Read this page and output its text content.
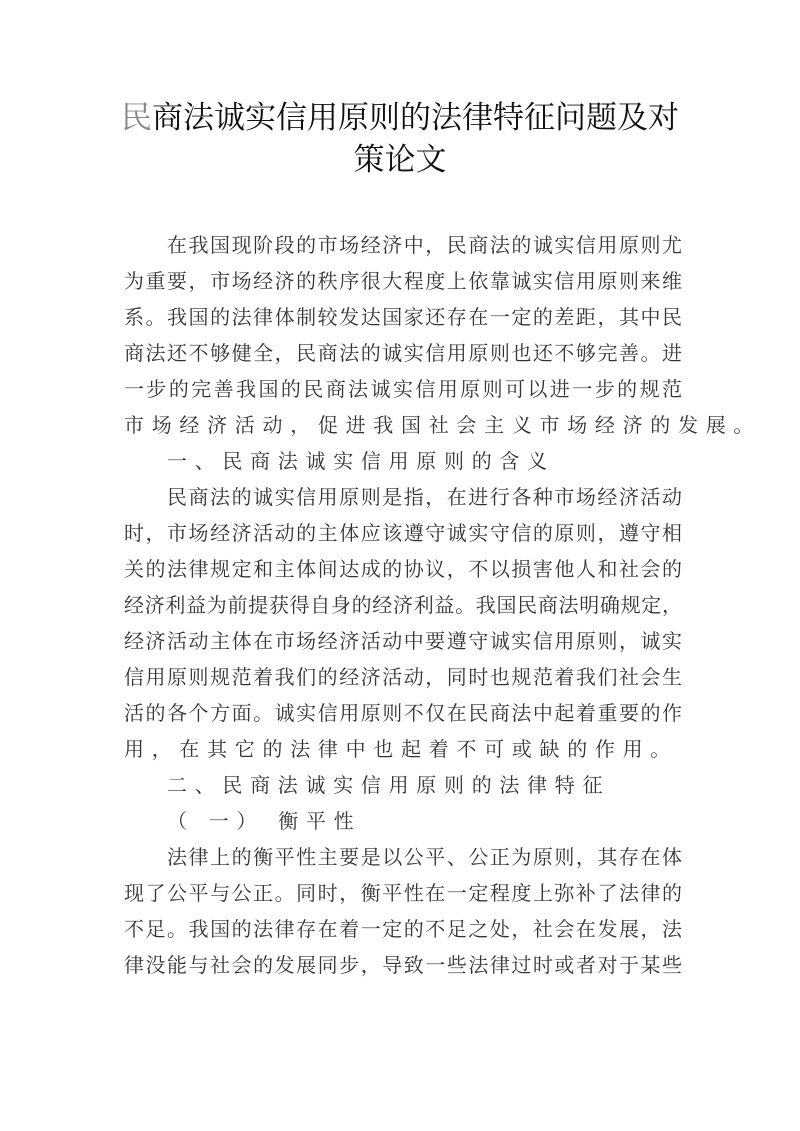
民商法诚实信用原则的法律特征问题及对
策论文
在我国现阶段的市场经济中，民商法的诚实信用原则尤
为重要，市场经济的秩序很大程度上依靠诚实信用原则来维
系。我国的法律体制较发达国家还存在一定的差距，其中民
商法还不够健全，民商法的诚实信用原则也还不够完善。进
一步的完善我国的民商法诚实信用原则可以进一步的规范
市场经济活动，促进我国社会主义市场经济的发展。
一、民商法诚实信用原则的含义
民商法的诚实信用原则是指，在进行各种市场经济活动
时，市场经济活动的主体应该遵守诚实守信的原则，遵守相
关的法律规定和主体间达成的协议，不以损害他人和社会的
经济利益为前提获得自身的经济利益。我国民商法明确规定，
经济活动主体在市场经济活动中要遵守诚实信用原则，诚实
信用原则规范着我们的经济活动，同时也规范着我们社会生
活的各个方面。诚实信用原则不仅在民商法中起着重要的作
用，在其它的法律中也起着不可或缺的作用。
二、民商法诚实信用原则的法律特征
（ 一） 衡平性
法律上的衡平性主要是以公平、公正为原则，其存在体
现了公平与公正。同时，衡平性在一定程度上弥补了法律的
不足。我国的法律存在着一定的不足之处，社会在发展，法
律没能与社会的发展同步，导致一些法律过时或者对于某些
